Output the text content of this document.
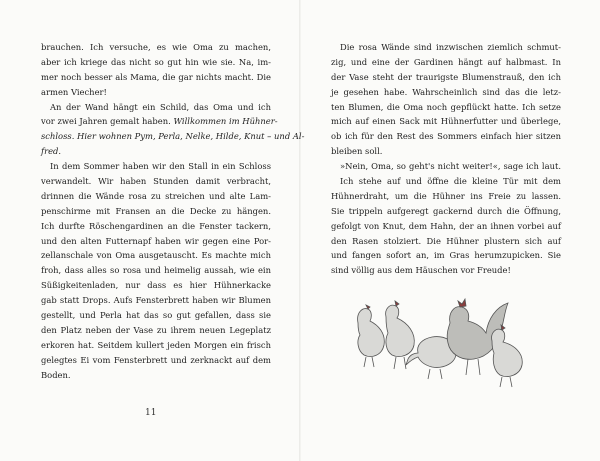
brauchen. Ich versuche, es wie Oma zu machen,
aber ich kriege das nicht so gut hin wie sie. Na, im-
mer noch besser als Mama, die gar nichts macht. Die
armen Viecher!
An der Wand hängt ein Schild, das Oma und ich
vor zwei Jahren gemalt haben. Willkommen im Hühner-
schloss. Hier wohnen Pym, Perla, Nelke, Hilde, Knut – und Al-
fred.
In dem Sommer haben wir den Stall in ein Schloss
verwandelt. Wir haben Stunden damit verbracht,
drinnen die Wände rosa zu streichen und alte Lam-
penschirme mit Fransen an die Decke zu hängen.
Ich durfte Röschengardinen an die Fenster tackern,
und den alten Futternapf haben wir gegen eine Por-
zellanschale von Oma ausgetauscht. Es machte mich
froh, dass alles so rosa und heimelig aussah, wie ein
Süßigkeitenladen, nur dass es hier Hühnerkacke
gab statt Drops. Aufs Fensterbrett haben wir Blumen
gestellt, und Perla hat das so gut gefallen, dass sie
den Platz neben der Vase zu ihrem neuen Legeplatz
erkoren hat. Seitdem kullert jeden Morgen ein frisch
gelegtes Ei vom Fensterbrett und zerknackt auf dem
Boden.
11
Die rosa Wände sind inzwischen ziemlich schmut-
zig, und eine der Gardinen hängt auf halbmast. In
der Vase steht der traurigste Blumenstrauß, den ich
je gesehen habe. Wahrscheinlich sind das die letz-
ten Blumen, die Oma noch gepflückt hatte. Ich setze
mich auf einen Sack mit Hühnerfutter und überlege,
ob ich für den Rest des Sommers einfach hier sitzen
bleiben soll.
»Nein, Oma, so geht's nicht weiter!«, sage ich laut.
Ich stehe auf und öffne die kleine Tür mit dem
Hühnerdraht, um die Hühner ins Freie zu lassen.
Sie trippeln aufgeregt gackernd durch die Öffnung,
gefolgt von Knut, dem Hahn, der an ihnen vorbei auf
den Rasen stolziert. Die Hühner plustern sich auf
und fangen sofort an, im Gras herumzupicken. Sie
sind völlig aus dem Häuschen vor Freude!
